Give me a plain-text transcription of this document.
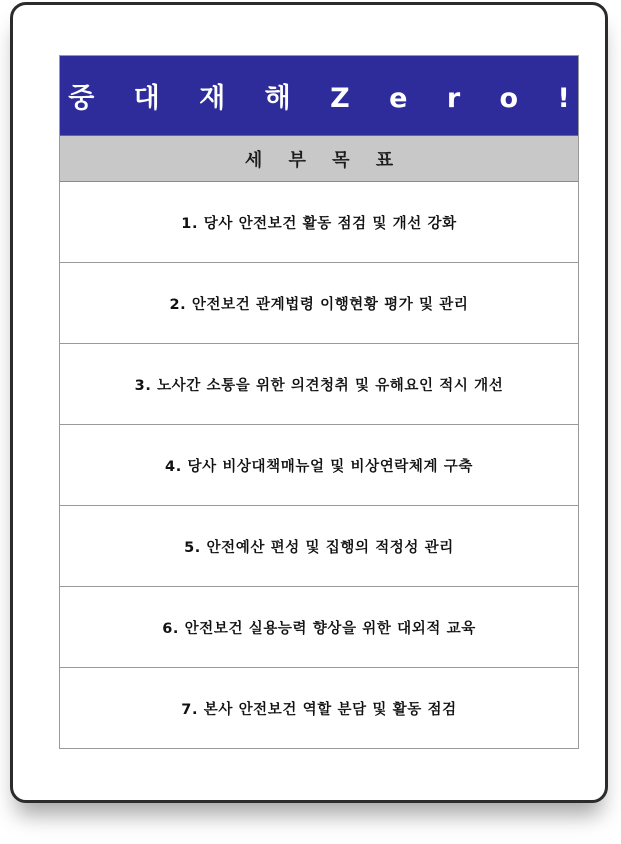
중 대 재 해 Z e r o !
세 부 목 표
1. 당사 안전보건 활동 점검 및 개선 강화
2. 안전보건 관계법령 이행현황 평가 및 관리
3. 노사간 소통을 위한 의견청취 및 유해요인 적시 개선
4. 당사 비상대책매뉴얼 및 비상연락체계 구축
5. 안전예산 편성 및 집행의 적정성 관리
6. 안전보건 실용능력 향상을 위한 대외적 교육
7. 본사 안전보건 역할 분담 및 활동 점검
